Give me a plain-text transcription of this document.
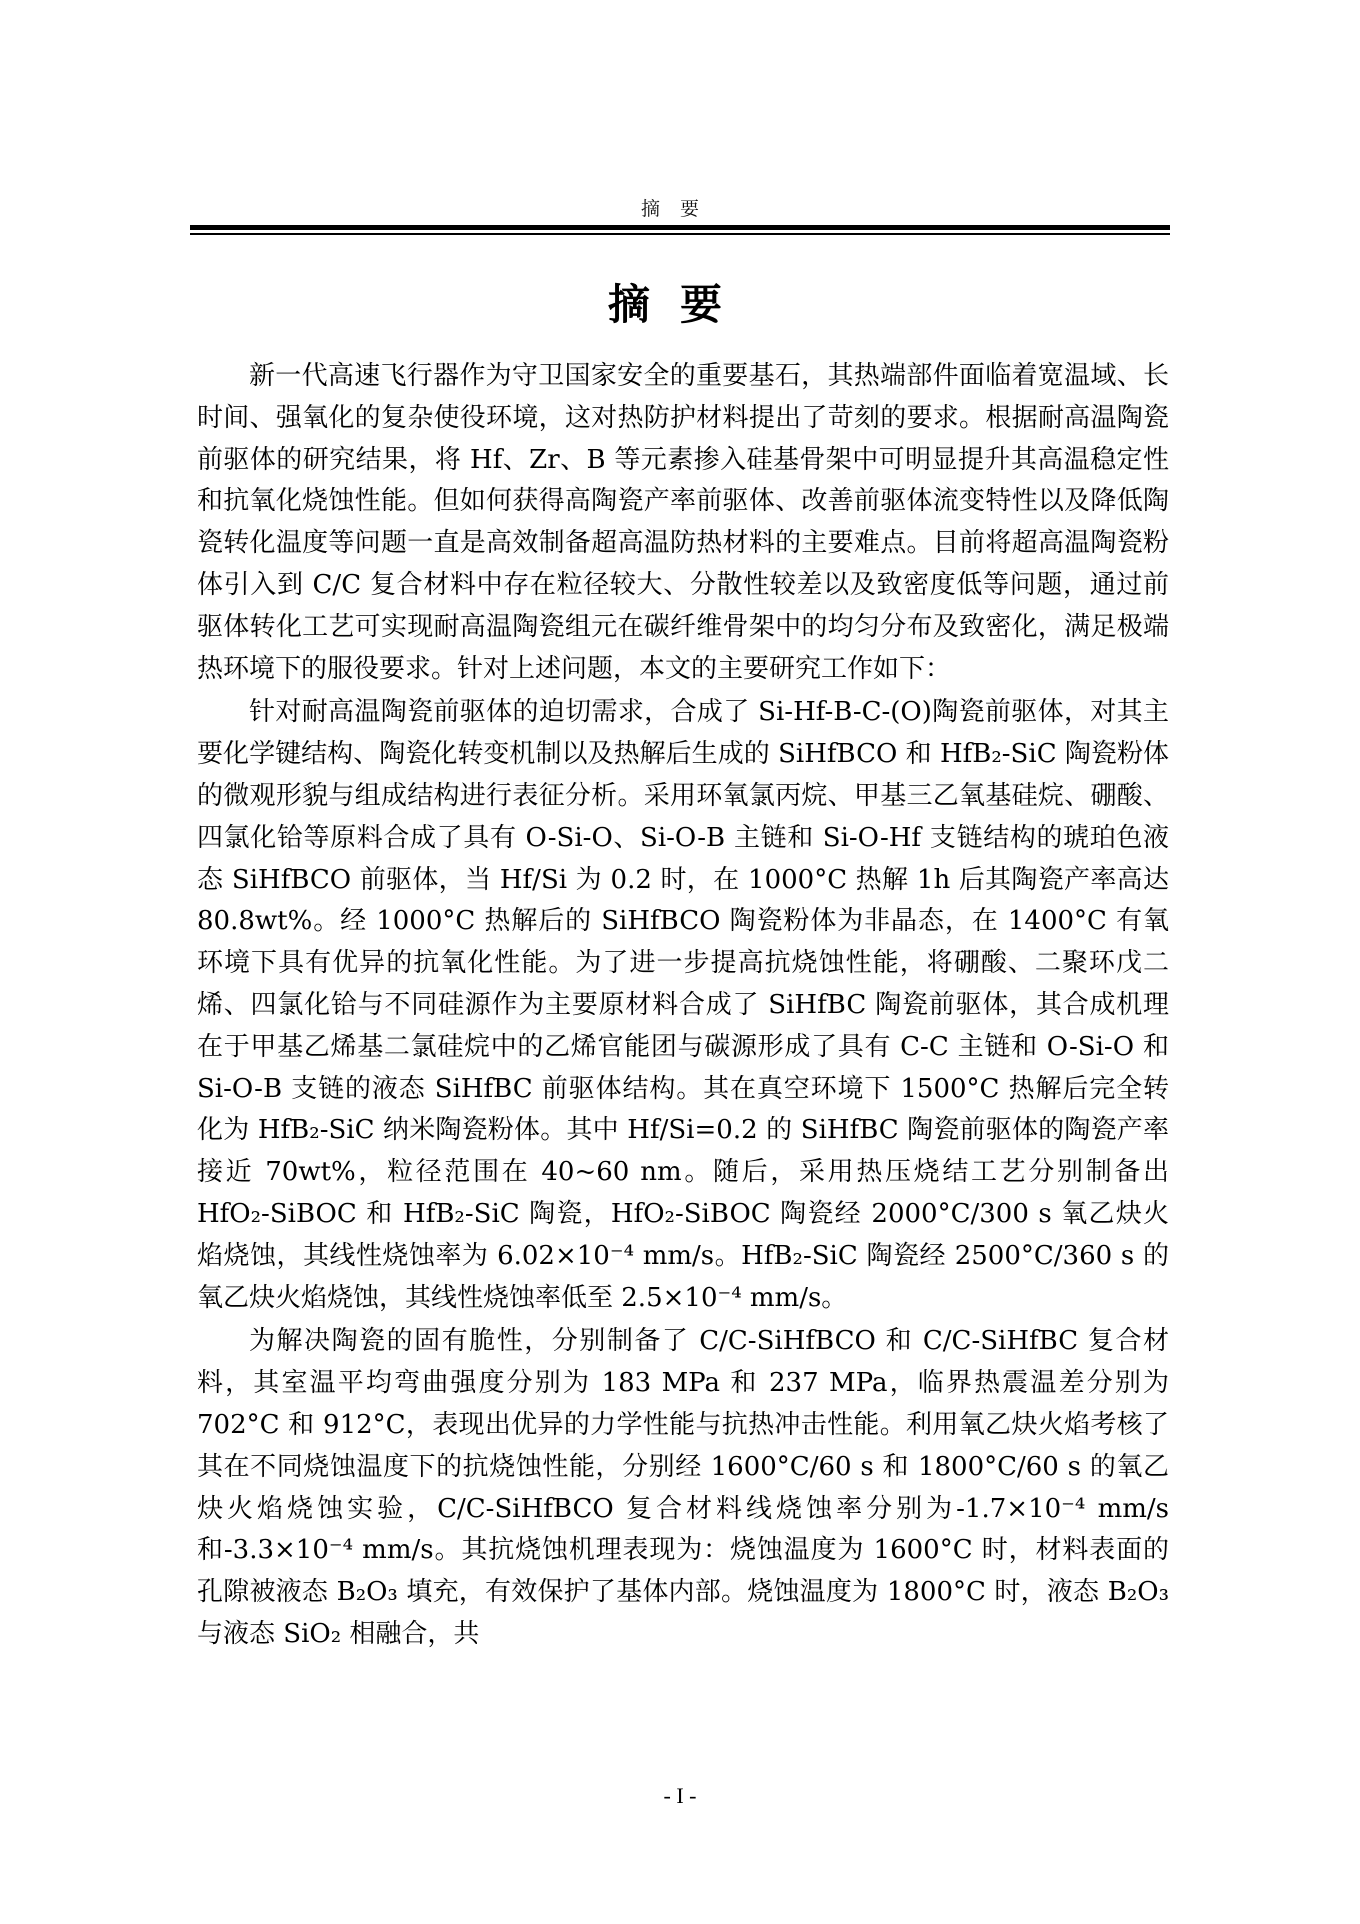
摘要
摘要

新一代高速飞行器作为守卫国家安全的重要基石，其热端部件面临着宽温域、长时间、强氧化的复杂使役环境，这对热防护材料提出了苛刻的要求。根据耐高温陶瓷前驱体的研究结果，将 Hf、Zr、B 等元素掺入硅基骨架中可明显提升其高温稳定性和抗氧化烧蚀性能。但如何获得高陶瓷产率前驱体、改善前驱体流变特性以及降低陶瓷转化温度等问题一直是高效制备超高温防热材料的主要难点。目前将超高温陶瓷粉体引入到 C/C 复合材料中存在粒径较大、分散性较差以及致密度低等问题，通过前驱体转化工艺可实现耐高温陶瓷组元在碳纤维骨架中的均匀分布及致密化，满足极端热环境下的服役要求。针对上述问题，本文的主要研究工作如下：

针对耐高温陶瓷前驱体的迫切需求，合成了 Si-Hf-B-C-(O)陶瓷前驱体，对其主要化学键结构、陶瓷化转变机制以及热解后生成的 SiHfBCO 和 HfB₂-SiC 陶瓷粉体的微观形貌与组成结构进行表征分析。采用环氧氯丙烷、甲基三乙氧基硅烷、硼酸、四氯化铪等原料合成了具有 O-Si-O、Si-O-B 主链和 Si-O-Hf 支链结构的琥珀色液态 SiHfBCO 前驱体，当 Hf/Si 为 0.2 时，在 1000°C 热解 1h 后其陶瓷产率高达 80.8wt%。经 1000°C 热解后的 SiHfBCO 陶瓷粉体为非晶态，在 1400°C 有氧环境下具有优异的抗氧化性能。为了进一步提高抗烧蚀性能，将硼酸、二聚环戊二烯、四氯化铪与不同硅源作为主要原材料合成了 SiHfBC 陶瓷前驱体，其合成机理在于甲基乙烯基二氯硅烷中的乙烯官能团与碳源形成了具有 C-C 主链和 O-Si-O 和 Si-O-B 支链的液态 SiHfBC 前驱体结构。其在真空环境下 1500°C 热解后完全转化为 HfB₂-SiC 纳米陶瓷粉体。其中 Hf/Si=0.2 的 SiHfBC 陶瓷前驱体的陶瓷产率接近 70wt%，粒径范围在 40~60 nm。随后，采用热压烧结工艺分别制备出 HfO₂-SiBOC 和 HfB₂-SiC 陶瓷，HfO₂-SiBOC 陶瓷经 2000°C/300 s 氧乙炔火焰烧蚀，其线性烧蚀率为 6.02×10⁻⁴ mm/s。HfB₂-SiC 陶瓷经 2500°C/360 s 的氧乙炔火焰烧蚀，其线性烧蚀率低至 2.5×10⁻⁴ mm/s。

为解决陶瓷的固有脆性，分别制备了 C/C-SiHfBCO 和 C/C-SiHfBC 复合材料，其室温平均弯曲强度分别为 183 MPa 和 237 MPa，临界热震温差分别为 702°C 和 912°C，表现出优异的力学性能与抗热冲击性能。利用氧乙炔火焰考核了其在不同烧蚀温度下的抗烧蚀性能，分别经 1600°C/60 s 和 1800°C/60 s 的氧乙炔火焰烧蚀实验，C/C-SiHfBCO 复合材料线烧蚀率分别为-1.7×10⁻⁴ mm/s 和-3.3×10⁻⁴ mm/s。其抗烧蚀机理表现为：烧蚀温度为 1600°C 时，材料表面的孔隙被液态 B₂O₃ 填充，有效保护了基体内部。烧蚀温度为 1800°C 时，液态 B₂O₃ 与液态 SiO₂ 相融合，共

- I -
